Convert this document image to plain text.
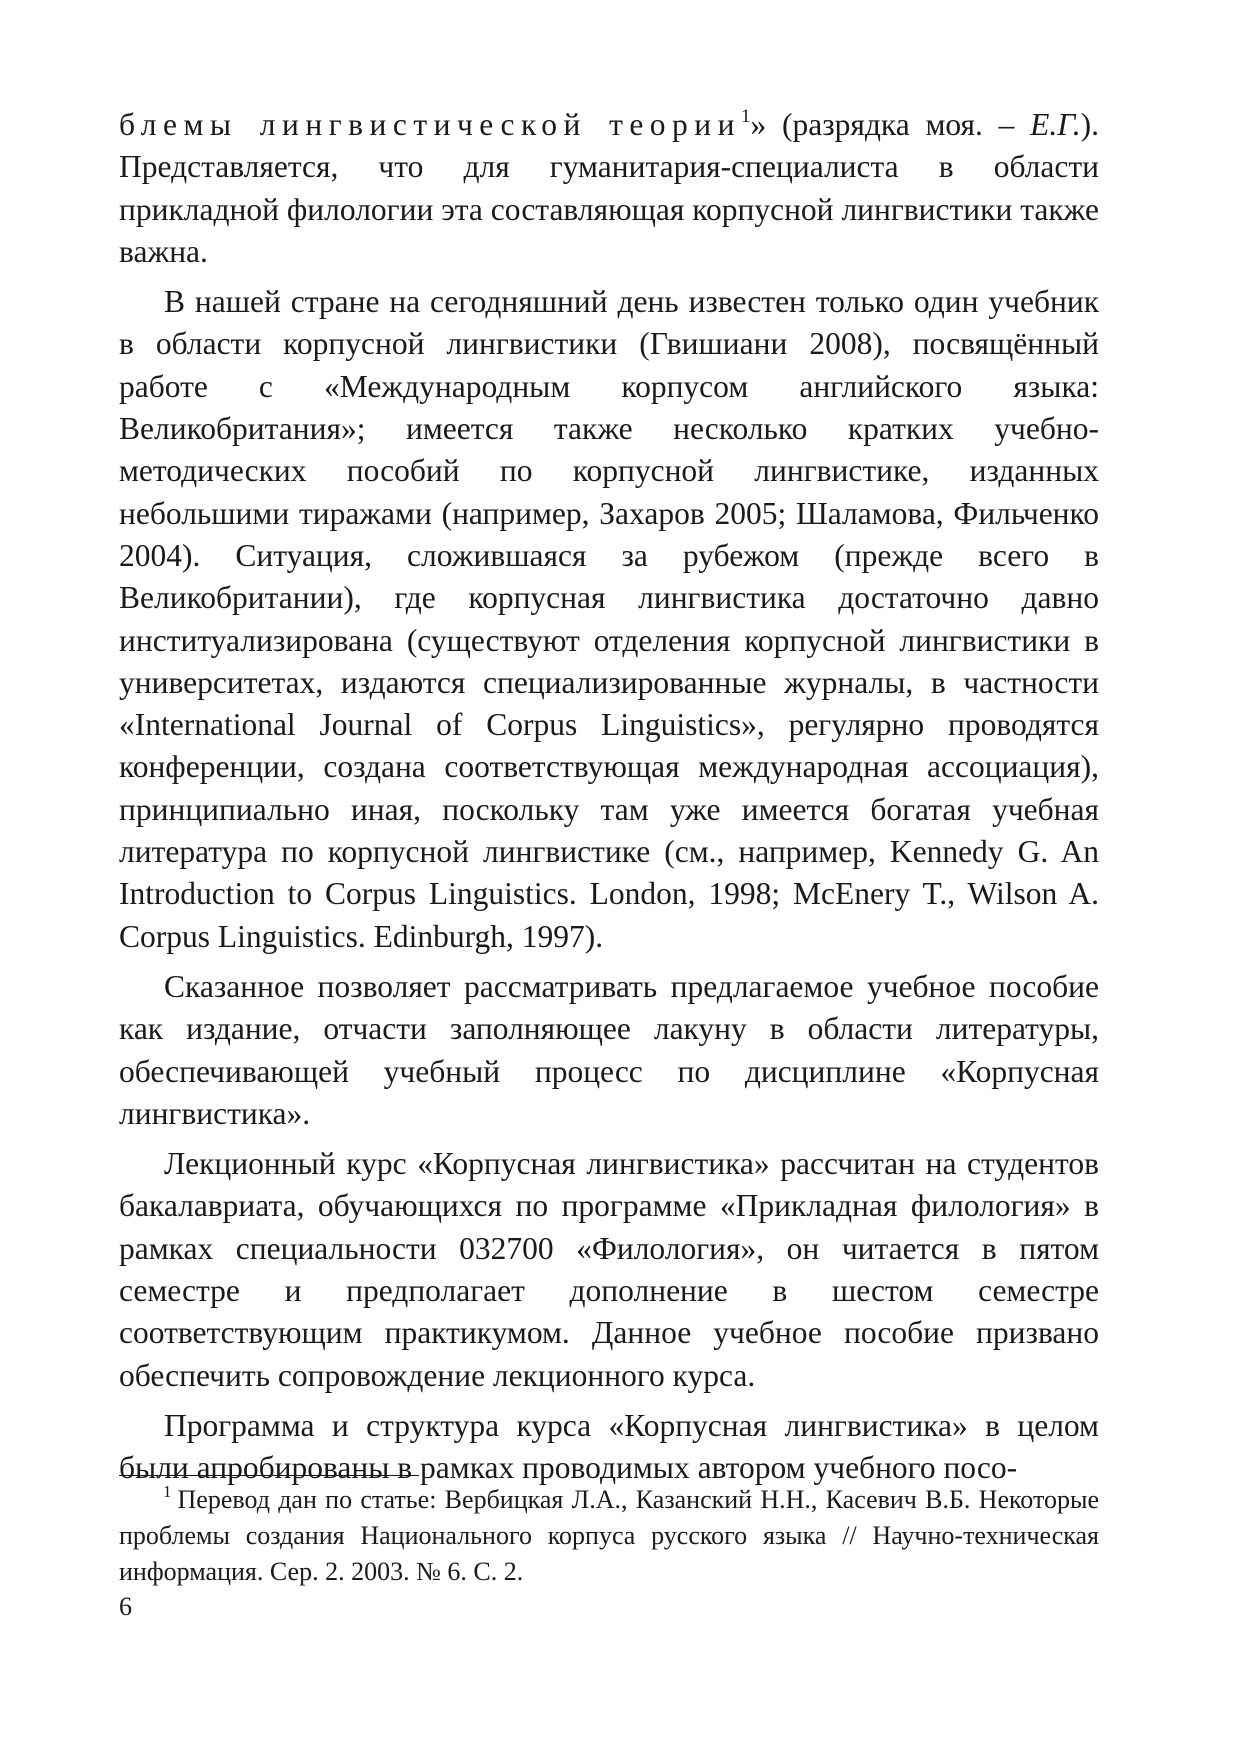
блемы лингвистической теории$^1$» (разрядка моя. – Е.Г.). Представляется, что для гуманитария-специалиста в области прикладной филологии эта составляющая корпусной лингвистики также важна.

В нашей стране на сегодняшний день известен только один учебник в области корпусной лингвистики (Гвишиани 2008), посвящённый работе с «Международным корпусом английского языка: Великобритания»; имеется также несколько кратких учебно-методических пособий по корпусной лингвистике, изданных небольшими тиражами (например, Захаров 2005; Шаламова, Фильченко 2004). Ситуация, сложившаяся за рубежом (прежде всего в Великобритании), где корпусная лингвистика достаточно давно институализирована (существуют отделения корпусной лингвистики в университетах, издаются специализированные журналы, в частности «International Journal of Corpus Linguistics», регулярно проводятся конференции, создана соответствующая международная ассоциация), принципиально иная, поскольку там уже имеется богатая учебная литература по корпусной лингвистике (см., например, Kennedy G. An Introduction to Corpus Linguistics. London, 1998; McEnery T., Wilson A. Corpus Linguistics. Edinburgh, 1997).

Сказанное позволяет рассматривать предлагаемое учебное пособие как издание, отчасти заполняющее лакуну в области литературы, обеспечивающей учебный процесс по дисциплине «Корпусная лингвистика».

Лекционный курс «Корпусная лингвистика» рассчитан на студентов бакалавриата, обучающихся по программе «Прикладная филология» в рамках специальности 032700 «Филология», он читается в пятом семестре и предполагает дополнение в шестом семестре соответствующим практикумом. Данное учебное пособие призвано обеспечить сопровождение лекционного курса.

Программа и структура курса «Корпусная лингвистика» в целом были апробированы в рамках проводимых автором учебного посо-

$^1$ Перевод дан по статье: Вербицкая Л.А., Казанский Н.Н., Касевич В.Б. Некоторые проблемы создания Национального корпуса русского языка // Научно-техническая информация. Сер. 2. 2003. № 6. С. 2.

6
